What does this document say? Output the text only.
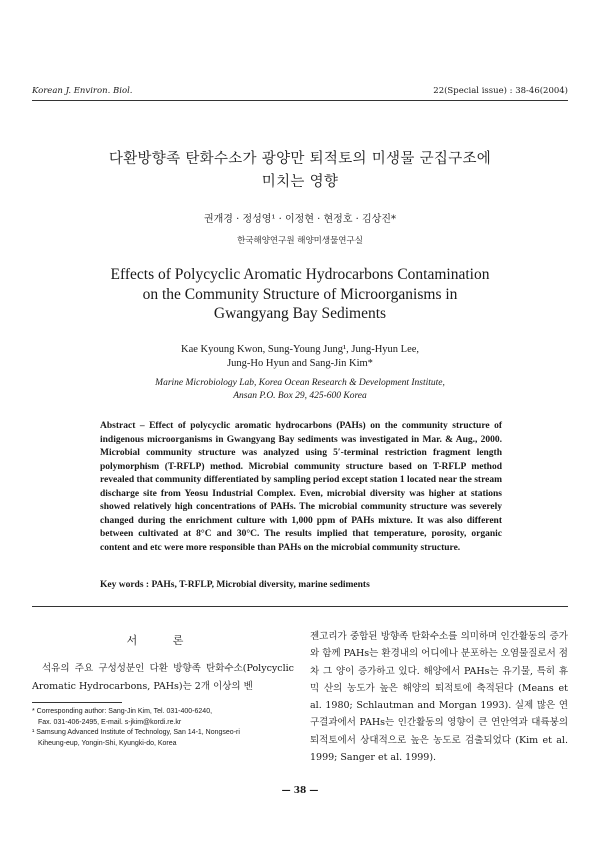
Korean J. Environ. Biol.	22(Special issue) : 38-46(2004)
다환방향족 탄화수소가 광양만 퇴적토의 미생물 군집구조에
미치는 영향
권개경 · 정성영¹ · 이정현 · 현정호 · 김상진*
한국해양연구원 해양미생물연구실
Effects of Polycyclic Aromatic Hydrocarbons Contamination
on the Community Structure of Microorganisms in
Gwangyang Bay Sediments
Kae Kyoung Kwon, Sung-Young Jung¹, Jung-Hyun Lee,
Jung-Ho Hyun and Sang-Jin Kim*
Marine Microbiology Lab, Korea Ocean Research & Development Institute,
Ansan P.O. Box 29, 425-600 Korea
Abstract – Effect of polycyclic aromatic hydrocarbons (PAHs) on the community structure of indigenous microorganisms in Gwangyang Bay sediments was investigated in Mar. & Aug., 2000. Microbial community structure was analyzed using 5′-terminal restriction fragment length polymorphism (T-RFLP) method. Microbial community structure based on T-RFLP method revealed that community differentiated by sampling period except station 1 located near the stream discharge site from Yeosu Industrial Complex. Even, microbial diversity was higher at stations showed relatively high concentrations of PAHs. The microbial community structure was severely changed during the enrichment culture with 1,000 ppm of PAHs mixture. It was also different between cultivated at 8°C and 30°C. The results implied that temperature, porosity, organic content and etc were more responsible than PAHs on the microbial community structure.
Key words : PAHs, T-RFLP, Microbial diversity, marine sediments
서 론
석유의 주요 구성성분인 다환 방향족 탄화수소(Polycyclic Aromatic Hydrocarbons, PAHs)는 2개 이상의 벤
* Corresponding author: Sang-Jin Kim, Tel. 031-400-6240,
Fax. 031-406-2495, E-mail. s-jkim@kordi.re.kr
¹ Samsung Advanced Institute of Technology, San 14-1, Nongseo-ri
Kiheung-eup, Yongin-Shi, Kyungki-do, Korea
젠고리가 중합된 방향족 탄화수소를 의미하며 인간활동의 증가와 함께 PAHs는 환경내의 어디에나 분포하는 오염물질로서 점차 그 양이 증가하고 있다. 해양에서 PAHs는 유기물, 특히 휴믹 산의 농도가 높은 해양의 퇴적토에 축적된다 (Means et al. 1980; Schlautman and Morgan 1993). 실제 많은 연구결과에서 PAHs는 인간활동의 영향이 큰 연안역과 대륙붕의 퇴적토에서 상대적으로 높은 농도로 검출되었다 (Kim et al. 1999; Sanger et al. 1999).
— 38 —
